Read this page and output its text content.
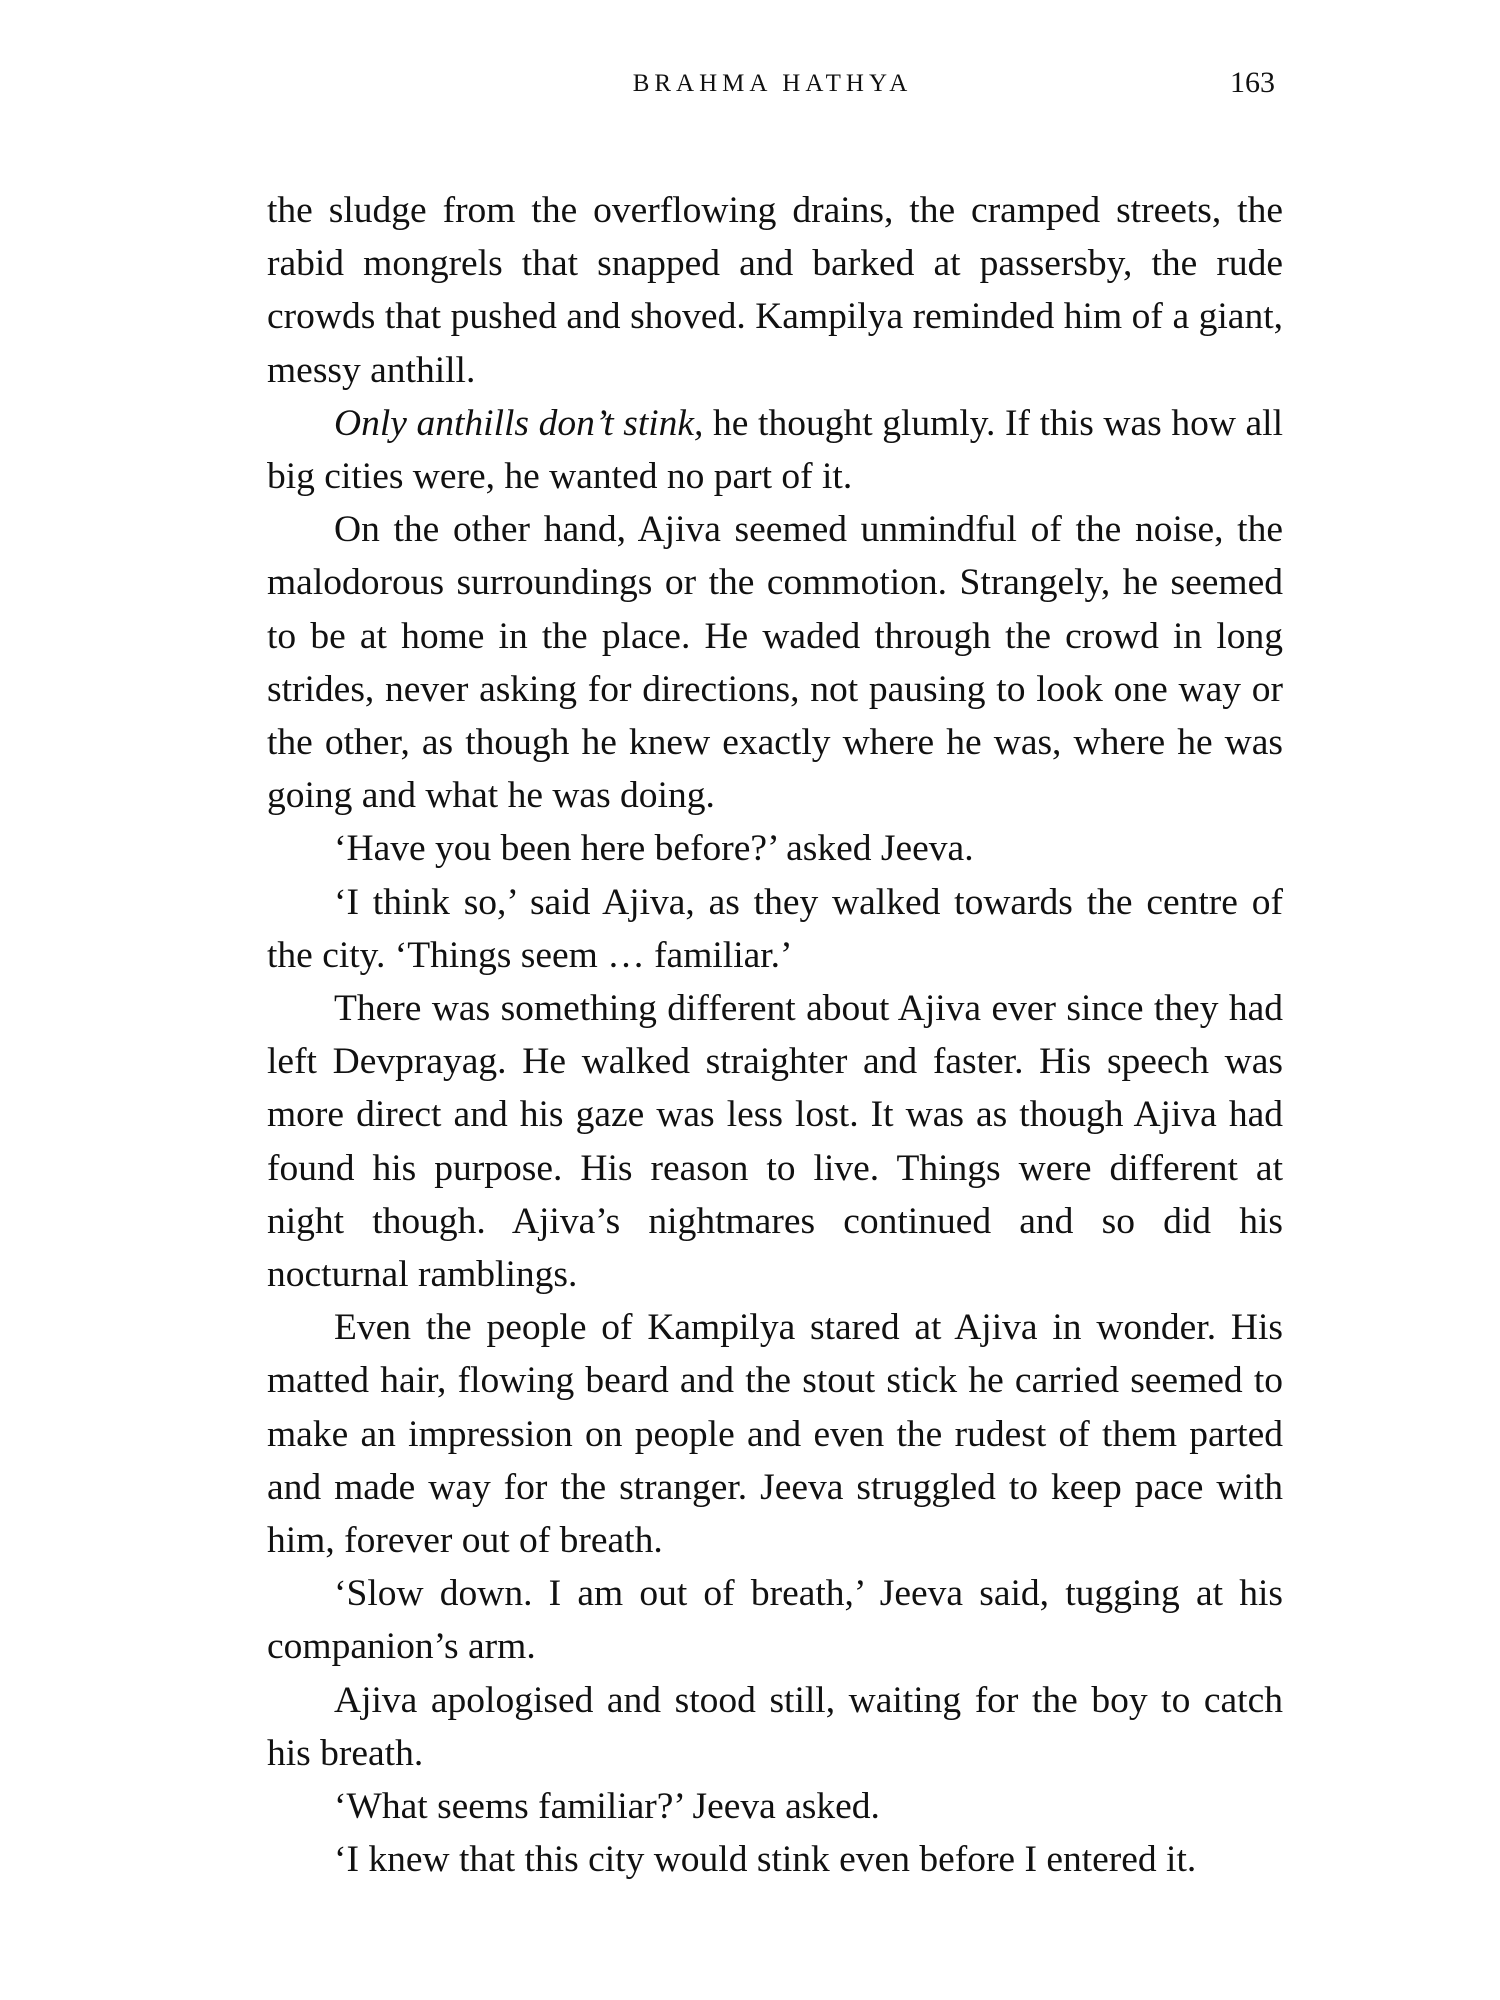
BRAHMA HATHYA	163

the sludge from the overflowing drains, the cramped streets, the rabid mongrels that snapped and barked at passersby, the rude crowds that pushed and shoved. Kampilya reminded him of a giant, messy anthill.

Only anthills don’t stink, he thought glumly. If this was how all big cities were, he wanted no part of it.

On the other hand, Ajiva seemed unmindful of the noise, the malodorous surroundings or the commotion. Strangely, he seemed to be at home in the place. He waded through the crowd in long strides, never asking for directions, not pausing to look one way or the other, as though he knew exactly where he was, where he was going and what he was doing.

‘Have you been here before?’ asked Jeeva.

‘I think so,’ said Ajiva, as they walked towards the centre of the city. ‘Things seem … familiar.’

There was something different about Ajiva ever since they had left Devprayag. He walked straighter and faster. His speech was more direct and his gaze was less lost. It was as though Ajiva had found his purpose. His reason to live. Things were different at night though. Ajiva’s nightmares continued and so did his nocturnal ramblings.

Even the people of Kampilya stared at Ajiva in wonder. His matted hair, flowing beard and the stout stick he carried seemed to make an impression on people and even the rudest of them parted and made way for the stranger. Jeeva struggled to keep pace with him, forever out of breath.

‘Slow down. I am out of breath,’ Jeeva said, tugging at his companion’s arm.

Ajiva apologised and stood still, waiting for the boy to catch his breath.

‘What seems familiar?’ Jeeva asked.

‘I knew that this city would stink even before I entered it.
